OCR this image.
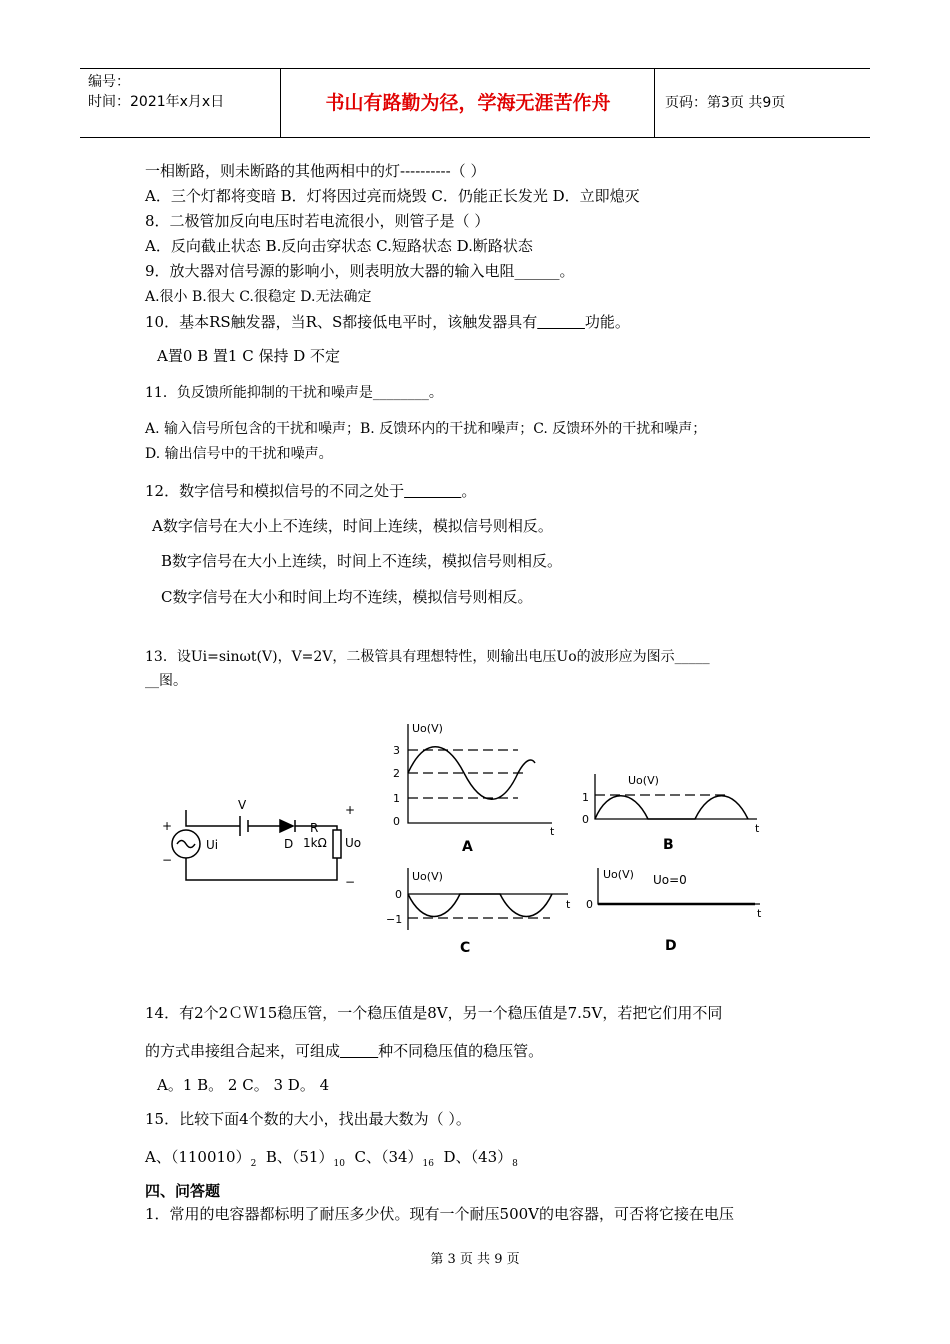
编号：
时间：2021年x月x日	书山有路勤为径，学海无涯苦作舟	页码：第3页 共9页
一相断路，则未断路的其他两相中的灯----------（ ）
A．三个灯都将变暗 B．灯将因过亮而烧毁 C．仍能正长发光 D．立即熄灭
8．二极管加反向电压时若电流很小，则管子是（ ）
A．反向截止状态 B.反向击穿状态 C.短路状态 D.断路状态
9．放大器对信号源的影响小，则表明放大器的输入电阻______。
A.很小 B.很大 C.很稳定 D.无法确定
10．基本RS触发器，当R、S都接低电平时，该触发器具有	功能。
A置0 B 置1 C 保持 D 不定
11．负反馈所能抑制的干扰和噪声是________。
A. 输入信号所包含的干扰和噪声；B. 反馈环内的干扰和噪声；C. 反馈环外的干扰和噪声；
D. 输出信号中的干扰和噪声。
12．数字信号和模拟信号的不同之处于	。
A数字信号在大小上不连续，时间上连续，模拟信号则相反。
B数字信号在大小上连续，时间上不连续，模拟信号则相反。
C数字信号在大小和时间上均不连续，模拟信号则相反。
13．设Ui=sinωt(V)，V=2V，二极管具有理想特性，则输出电压Uo的波形应为图示_____
__图。
+
−
+
−
Ui
V
D
R
1kΩ Uo
Uo(V)
3
2
1
0
t
A
Uo(V)
1
0
t
B
Uo(V)
0
−1
t
C
Uo(V) Uo=0
0
t
D
14．有2个2ＣＷ15稳压管，一个稳压值是8V，另一个稳压值是7.5V，若把它们用不同
的方式串接组合起来，可组成	种不同稳压值的稳压管。
A。1 B。 2 C。 3 D。 4
15．比较下面4个数的大小，找出最大数为（ ）。
A、$(110010)_2$  B、$(51)_{10}$  C、$(34)_{16}$  D、$(43)_8$
四、问答题
1．常用的电容器都标明了耐压多少伏。现有一个耐压500V的电容器，可否将它接在电压
第 3 页 共 9 页
